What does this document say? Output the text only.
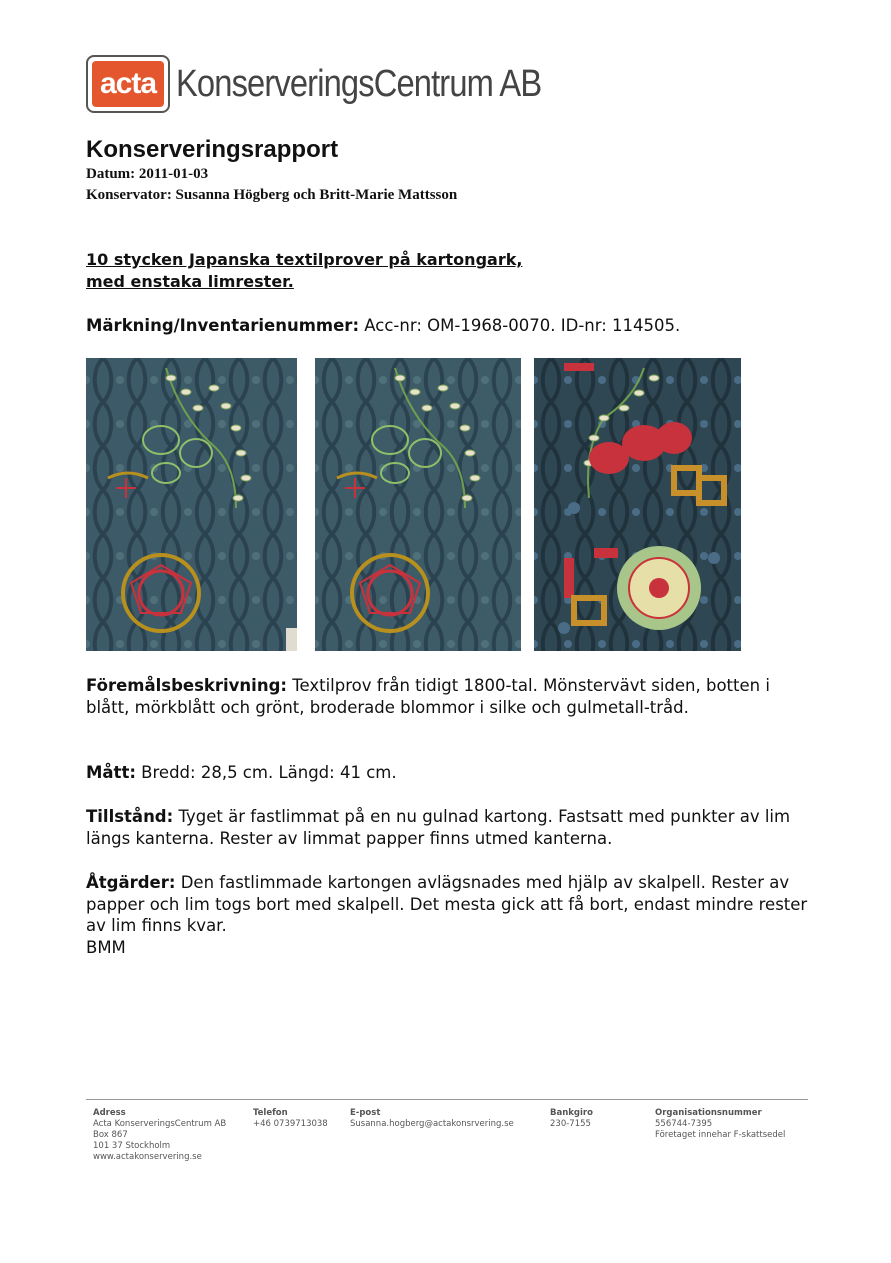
acta KonserveringsCentrum AB
Konserveringsrapport
Datum: 2011-01-03
Konservator: Susanna Högberg och Britt-Marie Mattsson
10 stycken Japanska textilprover på kartongark,
med enstaka limrester.
Märkning/Inventarienummer: Acc-nr: OM-1968-0070. ID-nr: 114505.
Föremålsbeskrivning: Textilprov från tidigt 1800-tal. Mönstervävt siden, botten i blått, mörkblått och grönt, broderade blommor i silke och gulmetall-tråd.
Mått: Bredd: 28,5 cm. Längd: 41 cm.
Tillstånd: Tyget är fastlimmat på en nu gulnad kartong. Fastsatt med punkter av lim längs kanterna. Rester av limmat papper finns utmed kanterna.
Åtgärder: Den fastlimmade kartongen avlägsnades med hjälp av skalpell. Rester av papper och lim togs bort med skalpell. Det mesta gick att få bort, endast mindre rester av lim finns kvar.
BMM
Adress
Acta KonserveringsCentrum AB
Box 867
101 37 Stockholm
www.actakonservering.se
Telefon
+46 0739713038
E-post
Susanna.hogberg@actakonsrvering.se
Bankgiro
230-7155
Organisationsnummer
556744-7395
Företaget innehar F-skattsedel
